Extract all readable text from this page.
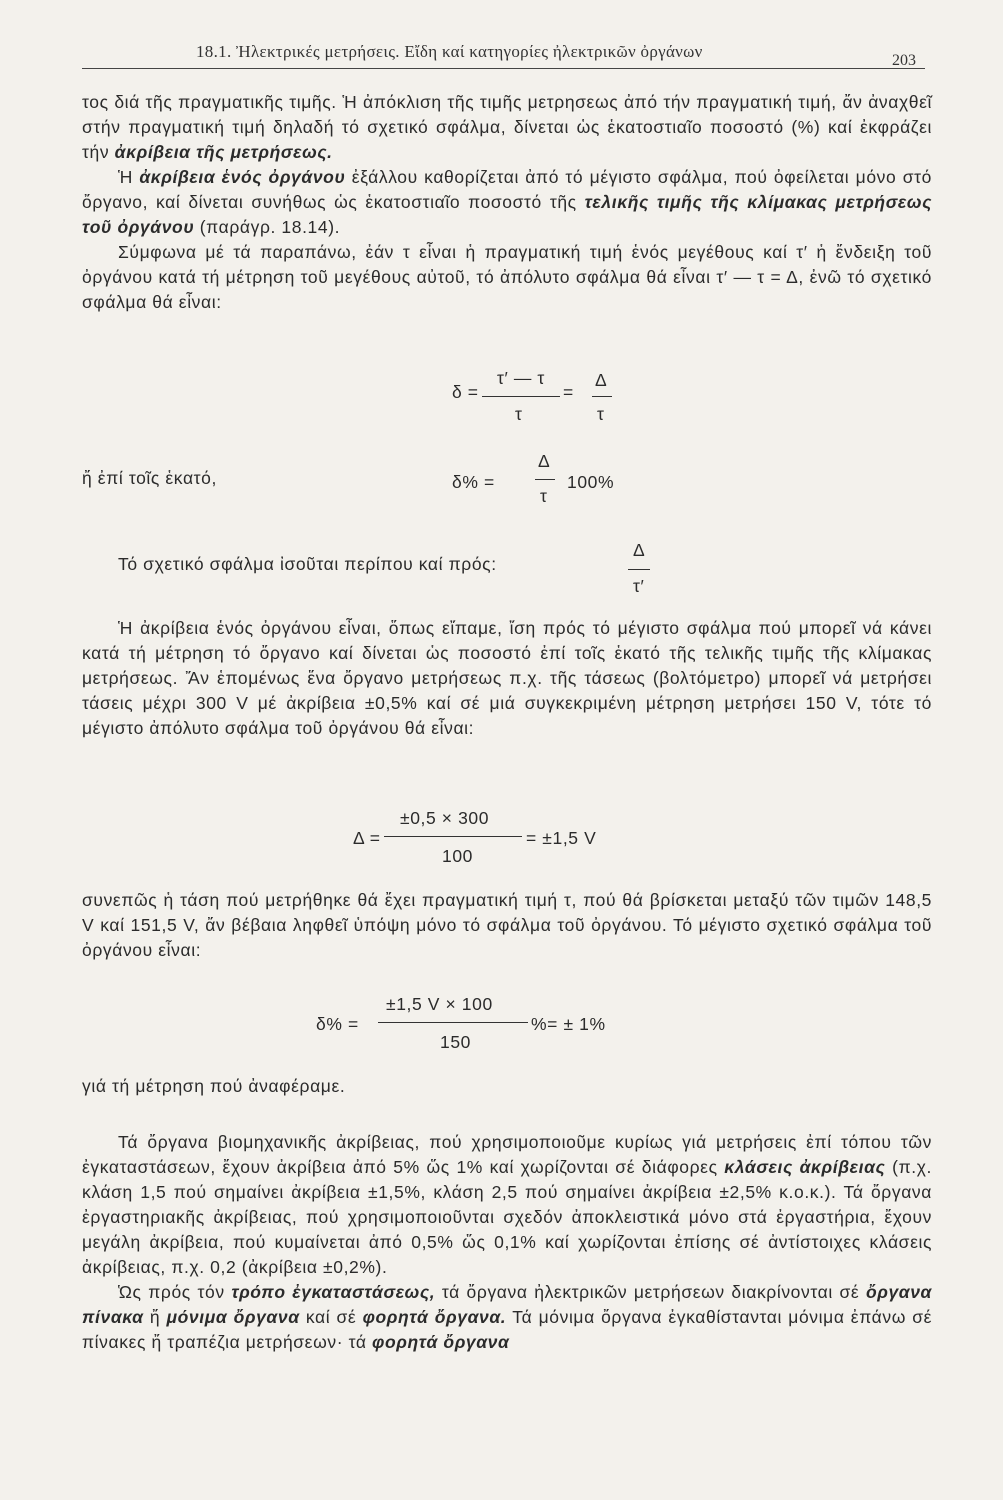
18.1. Ἠλεκτρικές μετρήσεις. Εἴδη καί κατηγορίες ἠλεκτρικῶν ὀργάνων	203

τος διά τῆς πραγματικῆς τιμῆς. Ἡ ἀπόκλιση τῆς τιμῆς μετρησεως ἀπό τήν πραγματική τιμή, ἄν ἀναχθεῖ στήν πραγματική τιμή δηλαδή τό σχετικό σφάλμα, δίνεται ὡς ἑκατοστιαῖο ποσοστό (%) καί ἐκφράζει τήν ἀκρίβεια τῆς μετρήσεως.

Ἡ ἀκρίβεια ἑνός ὀργάνου ἐξάλλου καθορίζεται ἀπό τό μέγιστο σφάλμα, πού ὀφείλεται μόνο στό ὄργανο, καί δίνεται συνήθως ὡς ἑκατοστιαῖο ποσοστό τῆς τελικῆς τιμῆς τῆς κλίμακας μετρήσεως τοῦ ὀργάνου (παράγρ. 18.14).

Σύμφωνα μέ τά παραπάνω, ἐάν τ εἶναι ἡ πραγματική τιμή ἑνός μεγέθους καί τ′ ἡ ἔνδειξη τοῦ ὀργάνου κατά τή μέτρηση τοῦ μεγέθους αὐτοῦ, τό ἀπόλυτο σφάλμα θά εἶναι τ′ — τ = Δ, ἐνῶ τό σχετικό σφάλμα θά εἶναι:

δ =
τ′ — τ
τ
=
Δ
τ
ἤ ἐπί τοῖς ἑκατό,	δ% =
Δ
τ
100%
Τό σχετικό σφάλμα ἰσοῦται περίπου καί πρός:
Δ
τ′

Ἡ ἀκρίβεια ἑνός ὀργάνου εἶναι, ὅπως εἴπαμε, ἴση πρός τό μέγιστο σφάλμα πού μπορεῖ νά κάνει κατά τή μέτρηση τό ὄργανο καί δίνεται ὡς ποσοστό ἐπί τοῖς ἑκατό τῆς τελικῆς τιμῆς τῆς κλίμακας μετρήσεως. Ἄν ἑπομένως ἕνα ὄργανο μετρήσεως π.χ. τῆς τάσεως (βολτόμετρο) μπορεῖ νά μετρήσει τάσεις μέχρι 300 V μέ ἀκρίβεια ±0,5% καί σέ μιά συγκεκριμένη μέτρηση μετρήσει 150 V, τότε τό μέγιστο ἀπόλυτο σφάλμα τοῦ ὀργάνου θά εἶναι:

Δ =
±0,5 × 300
100
= ±1,5 V

συνεπῶς ἡ τάση πού μετρήθηκε θά ἔχει πραγματική τιμή τ, πού θά βρίσκεται μεταξύ τῶν τιμῶν 148,5 V καί 151,5 V, ἄν βέβαια ληφθεῖ ὑπόψη μόνο τό σφάλμα τοῦ ὀργάνου. Τό μέγιστο σχετικό σφάλμα τοῦ ὀργάνου εἶναι:

δ% =
±1,5 V × 100
150
%= ± 1%

γιά τή μέτρηση πού ἀναφέραμε.

Τά ὄργανα βιομηχανικῆς ἀκρίβειας, πού χρησιμοποιοῦμε κυρίως γιά μετρήσεις ἐπί τόπου τῶν ἐγκαταστάσεων, ἔχουν ἀκρίβεια ἀπό 5% ὥς 1% καί χωρίζονται σέ διάφορες κλάσεις ἀκρίβειας (π.χ. κλάση 1,5 πού σημαίνει ἀκρίβεια ±1,5%, κλάση 2,5 πού σημαίνει ἀκρίβεια ±2,5% κ.ο.κ.). Τά ὄργανα ἐργαστηριακῆς ἀκρίβειας, πού χρησιμοποιοῦνται σχεδόν ἀποκλειστικά μόνο στά ἐργαστήρια, ἔχουν μεγάλη ἀκρίβεια, πού κυμαίνεται ἀπό 0,5% ὥς 0,1% καί χωρίζονται ἐπίσης σέ ἀντίστοιχες κλάσεις ἀκρίβειας, π.χ. 0,2 (ἀκρίβεια ±0,2%).

Ὡς πρός τόν τρόπο ἐγκαταστάσεως, τά ὄργανα ἠλεκτρικῶν μετρήσεων διακρίνονται σέ ὄργανα πίνακα ἤ μόνιμα ὄργανα καί σέ φορητά ὄργανα. Τά μόνιμα ὄργανα ἐγκαθίστανται μόνιμα ἐπάνω σέ πίνακες ἤ τραπέζια μετρήσεων· τά φορητά ὄργανα
